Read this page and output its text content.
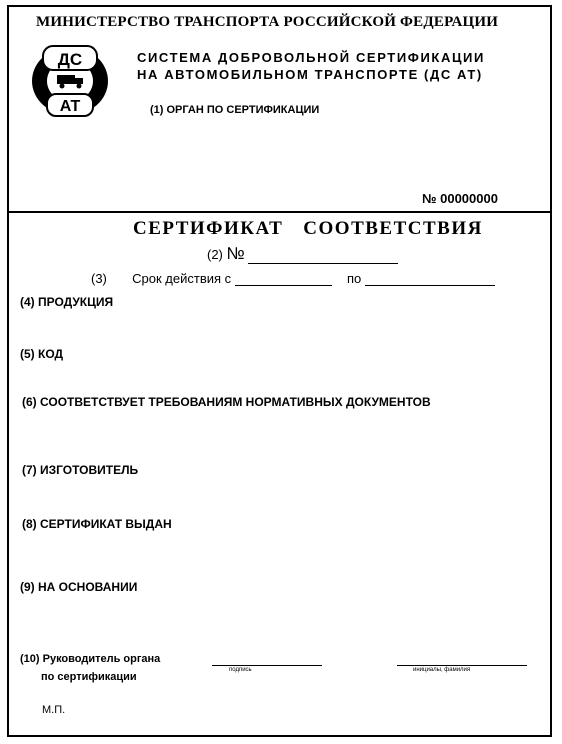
МИНИСТЕРСТВО ТРАНСПОРТА РОССИЙСКОЙ ФЕДЕРАЦИИ
ДС
АТ
СИСТЕМА ДОБРОВОЛЬНОЙ СЕРТИФИКАЦИИ
НА АВТОМОБИЛЬНОМ ТРАНСПОРТЕ (ДС АТ)
(1) ОРГАН ПО СЕРТИФИКАЦИИ
№ 00000000
СЕРТИФИКАТ СООТВЕТСТВИЯ
(2) №
(3) Срок действия с	по
(4) ПРОДУКЦИЯ
(5) КОД
(6) СООТВЕТСТВУЕТ ТРЕБОВАНИЯМ НОРМАТИВНЫХ ДОКУМЕНТОВ
(7) ИЗГОТОВИТЕЛЬ
(8) СЕРТИФИКАТ ВЫДАН
(9) НА ОСНОВАНИИ
(10) Руководитель органа
по сертификации
подпись	инициалы, фамилия
М.П.
